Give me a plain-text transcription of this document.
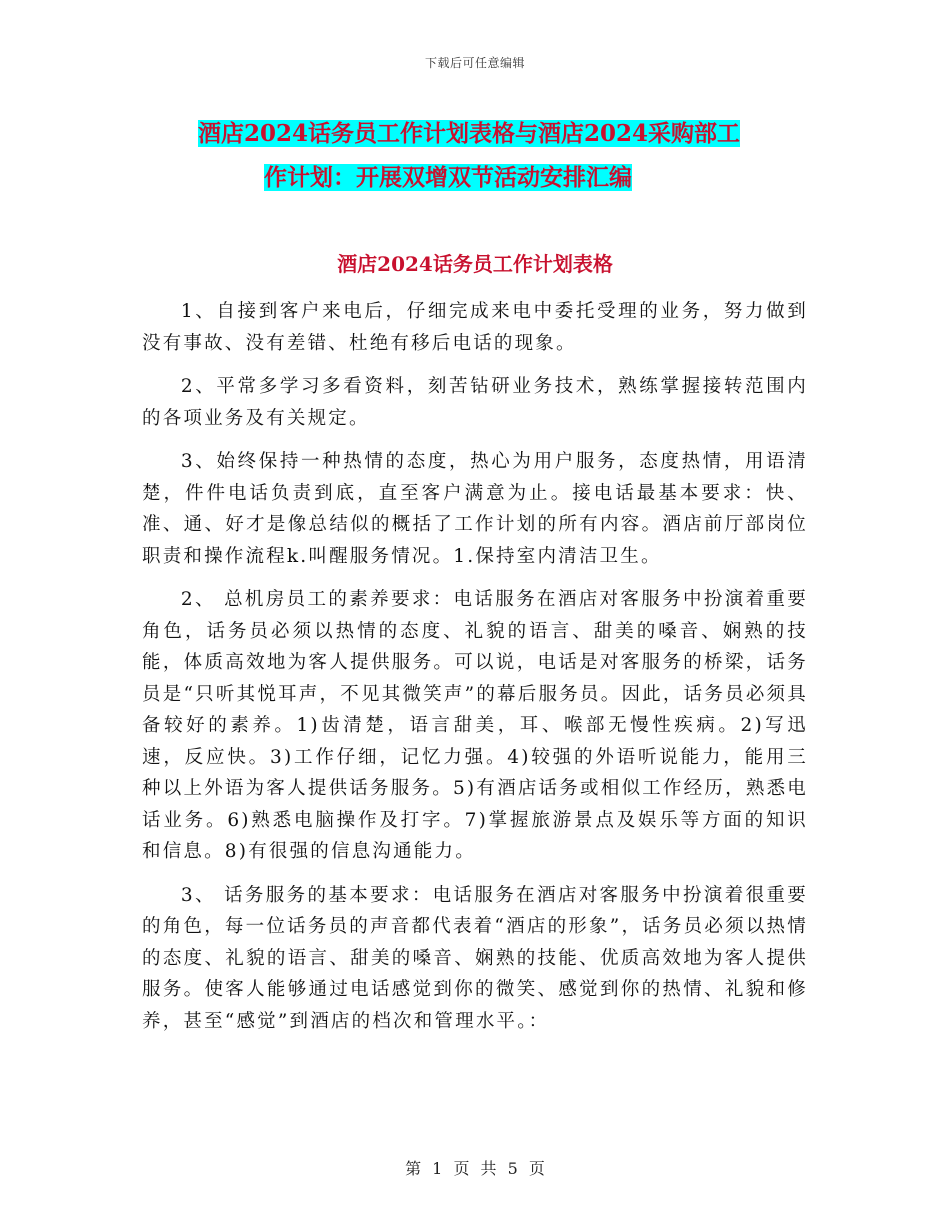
下载后可任意编辑
酒店2024话务员工作计划表格与酒店2024采购部工
作计划：开展双增双节活动安排汇编
酒店2024话务员工作计划表格

1、自接到客户来电后，仔细完成来电中委托受理的业务，努力做到没有事故、没有差错、杜绝有移后电话的现象。

2、平常多学习多看资料，刻苦钻研业务技术，熟练掌握接转范围内的各项业务及有关规定。

3、始终保持一种热情的态度，热心为用户服务，态度热情，用语清楚，件件电话负责到底，直至客户满意为止。接电话最基本要求：快、准、通、好才是像总结似的概括了工作计划的所有内容。酒店前厅部岗位职责和操作流程k.叫醒服务情况。1.保持室内清洁卫生。

2、 总机房员工的素养要求：电话服务在酒店对客服务中扮演着重要角色，话务员必须以热情的态度、礼貌的语言、甜美的嗓音、娴熟的技能，体质高效地为客人提供服务。可以说，电话是对客服务的桥梁，话务员是“只听其悦耳声，不见其微笑声”的幕后服务员。因此，话务员必须具备较好的素养。1)齿清楚，语言甜美，耳、喉部无慢性疾病。2)写迅速，反应快。3)工作仔细，记忆力强。4)较强的外语听说能力，能用三种以上外语为客人提供话务服务。5)有酒店话务或相似工作经历，熟悉电话业务。6)熟悉电脑操作及打字。7)掌握旅游景点及娱乐等方面的知识和信息。8)有很强的信息沟通能力。

3、 话务服务的基本要求：电话服务在酒店对客服务中扮演着很重要的角色，每一位话务员的声音都代表着“酒店的形象”，话务员必须以热情的态度、礼貌的语言、甜美的嗓音、娴熟的技能、优质高效地为客人提供服务。使客人能够通过电话感觉到你的微笑、感觉到你的热情、礼貌和修养，甚至“感觉”到酒店的档次和管理水平。：

第 1 页 共 5 页
